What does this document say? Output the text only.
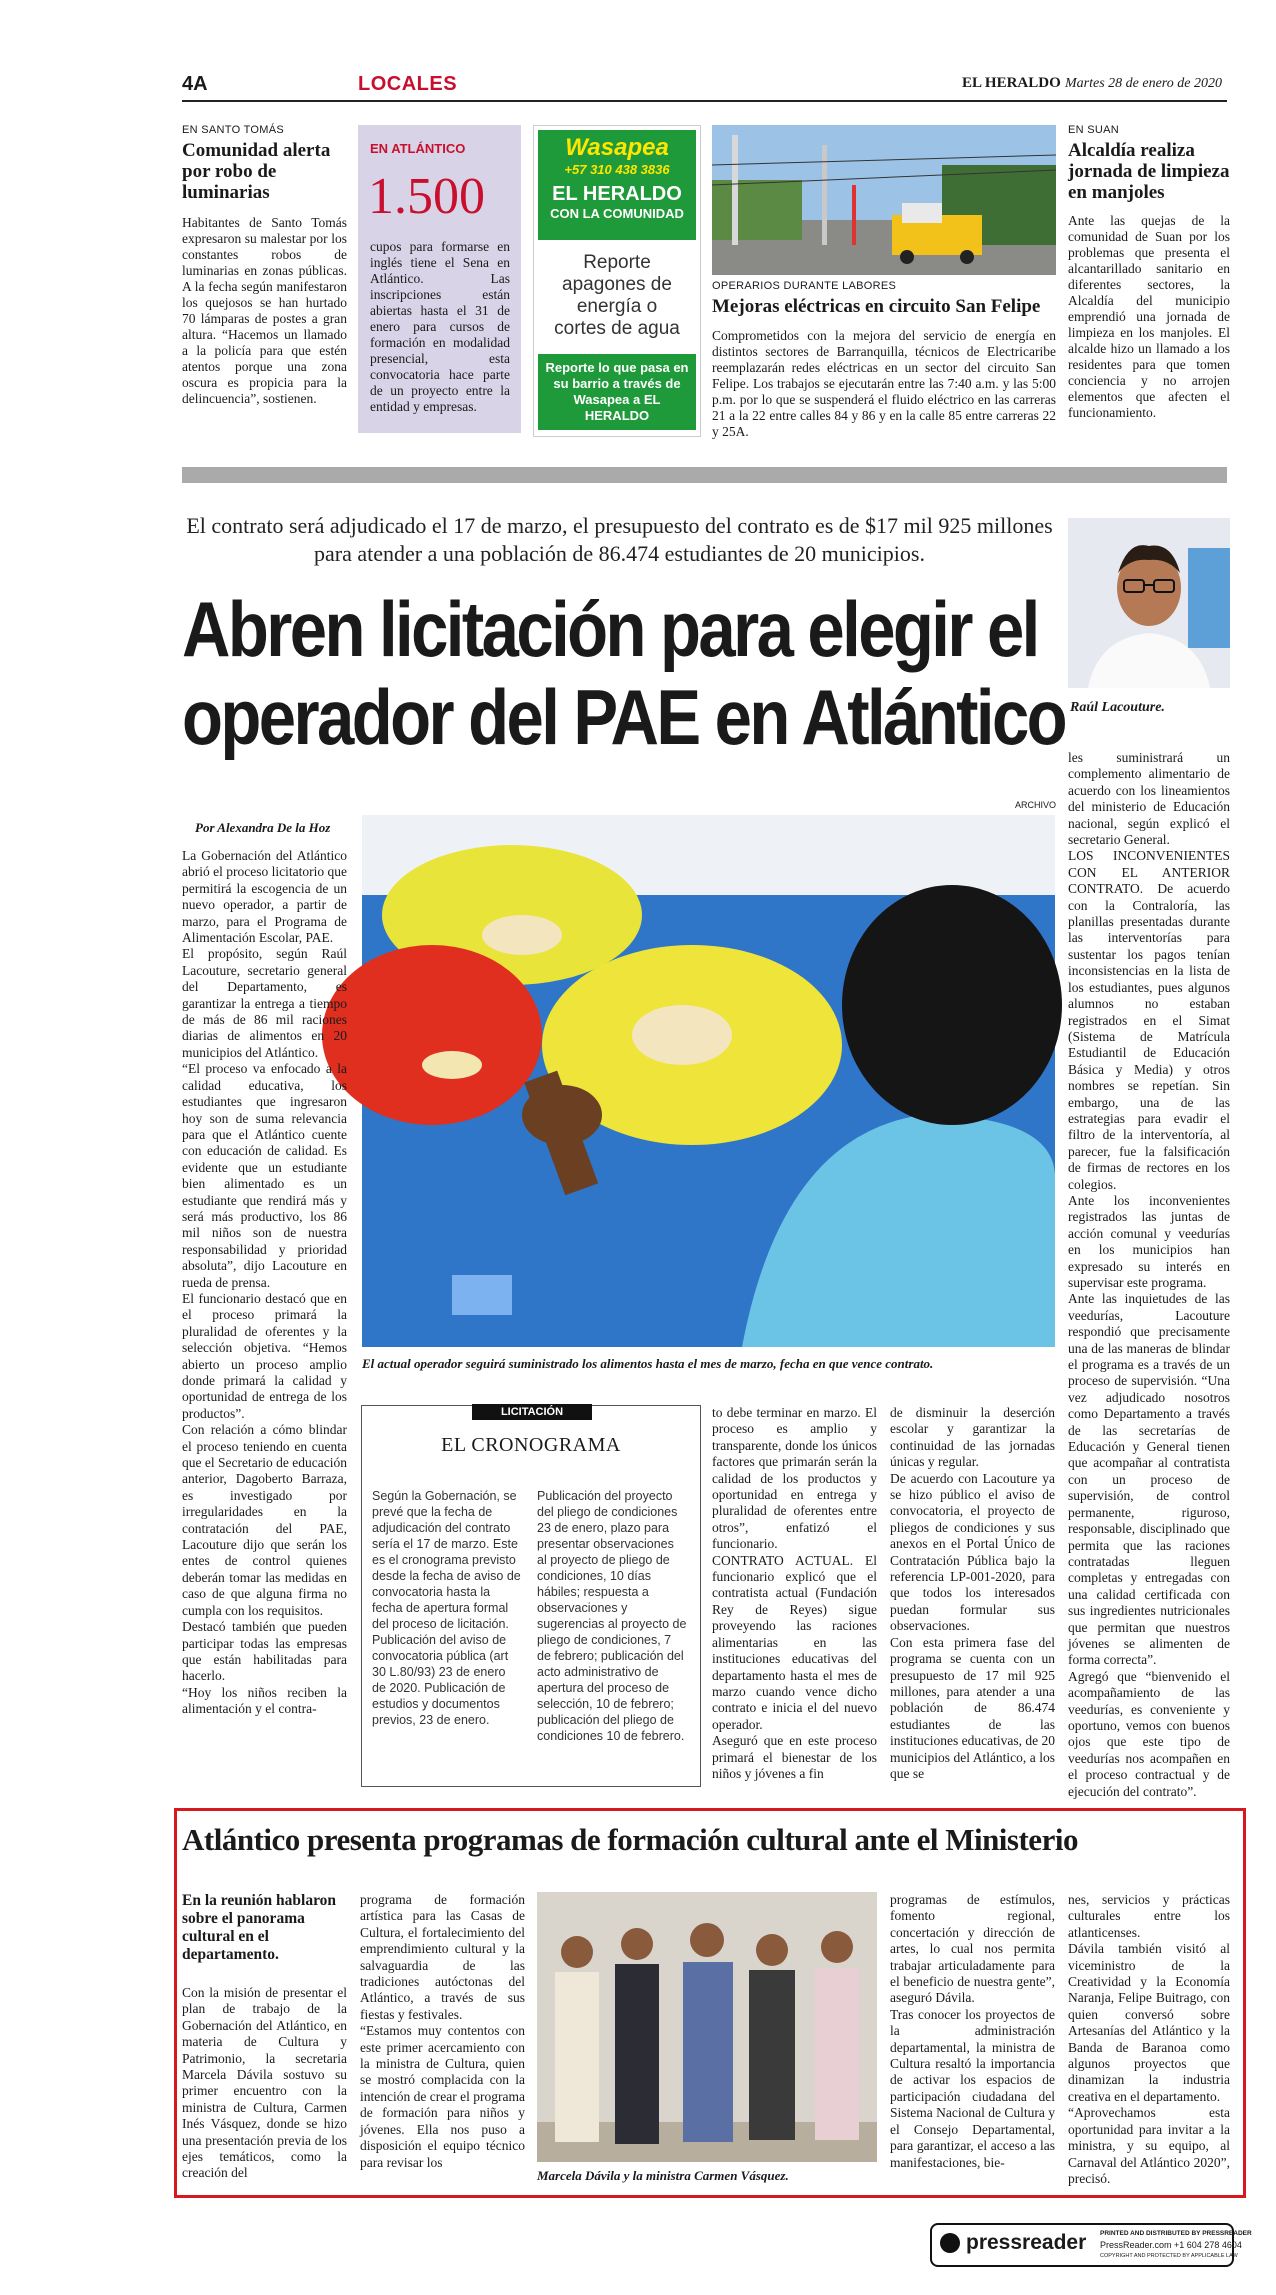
4A	LOCALES	EL HERALDO Martes 28 de enero de 2020
EN SANTO TOMÁS
Comunidad alerta por robo de luminarias
Habitantes de Santo Tomás expresaron su malestar por los constantes robos de luminarias en zonas públicas. A la fecha según manifestaron los quejosos se han hurtado 70 lámparas de postes a gran altura. “Hacemos un llamado a la policía para que estén atentos porque una zona oscura es propicia para la delincuencia”, sostienen.
EN ATLÁNTICO
1.500
cupos para formarse en inglés tiene el Sena en Atlántico. Las inscripciones están abiertas hasta el 31 de enero para cursos de formación en modalidad presencial, esta convocatoria hace parte de un proyecto entre la entidad y empresas.
Wasapea
+57 310 438 3836
EL HERALDO
CON LA COMUNIDAD
Reporte apagones de energía o cortes de agua
Reporte lo que pasa en su barrio a través de Wasapea a EL HERALDO
OPERARIOS DURANTE LABORES
Mejoras eléctricas en circuito San Felipe
Comprometidos con la mejora del servicio de energía en distintos sectores de Barranquilla, técnicos de Electricaribe reemplazarán redes eléctricas en un sector del circuito San Felipe. Los trabajos se ejecutarán entre las 7:40 a.m. y las 5:00 p.m. por lo que se suspenderá el fluido eléctrico en las carreras 21 a la 22 entre calles 84 y 86 y en la calle 85 entre carreras 22 y 25A.
EN SUAN
Alcaldía realiza jornada de limpieza en manjoles
Ante las quejas de la comunidad de Suan por los problemas que presenta el alcantarillado sanitario en diferentes sectores, la Alcaldía del municipio emprendió una jornada de limpieza en los manjoles. El alcalde hizo un llamado a los residentes para que tomen conciencia y no arrojen elementos que afecten el funcionamiento.
El contrato será adjudicado el 17 de marzo, el presupuesto del contrato es de $17 mil 925 millones para atender a una población de 86.474 estudiantes de 20 municipios.
Abren licitación para elegir el
operador del PAE en Atlántico Raúl Lacouture.
Por Alexandra De la Hoz
ARCHIVO
El actual operador seguirá suministrado los alimentos hasta el mes de marzo, fecha en que vence contrato.
La Gobernación del Atlántico abrió el proceso licitatorio que permitirá la escogencia de un nuevo operador, a partir de marzo, para el Programa de Alimentación Escolar, PAE.
El propósito, según Raúl Lacouture, secretario general del Departamento, es garantizar la entrega a tiempo de más de 86 mil raciones diarias de alimentos en 20 municipios del Atlántico.
“El proceso va enfocado a la calidad educativa, los estudiantes que ingresaron hoy son de suma relevancia para que el Atlántico cuente con educación de calidad. Es evidente que un estudiante bien alimentado es un estudiante que rendirá más y será más productivo, los 86 mil niños son de nuestra responsabilidad y prioridad absoluta”, dijo Lacouture en rueda de prensa.
El funcionario destacó que en el proceso primará la pluralidad de oferentes y la selección objetiva. “Hemos abierto un proceso amplio donde primará la calidad y oportunidad de entrega de los productos”.
Con relación a cómo blindar el proceso teniendo en cuenta que el Secretario de educación anterior, Dagoberto Barraza, es investigado por irregularidades en la contratación del PAE, Lacouture dijo que serán los entes de control quienes deberán tomar las medidas en caso de que alguna firma no cumpla con los requisitos.
Destacó también que pueden participar todas las empresas que están habilitadas para hacerlo.
“Hoy los niños reciben la alimentación y el contra-
LICITACIÓN
EL CRONOGRAMA
Según la Gobernación, se prevé que la fecha de adjudicación del contrato sería el 17 de marzo. Este es el cronograma previsto desde la fecha de aviso de convocatoria hasta la fecha de apertura formal del proceso de licitación. Publicación del aviso de convocatoria pública (art 30 L.80/93) 23 de enero de 2020. Publicación de estudios y documentos previos, 23 de enero.
Publicación del proyecto del pliego de condiciones 23 de enero, plazo para presentar observaciones al proyecto de pliego de condiciones, 10 días hábiles; respuesta a observaciones y sugerencias al proyecto de pliego de condiciones, 7 de febrero; publicación del acto administrativo de apertura del proceso de selección, 10 de febrero; publicación del pliego de condiciones 10 de febrero.
to debe terminar en marzo. El proceso es amplio y transparente, donde los únicos factores que primarán serán la calidad de los productos y oportunidad en entrega y pluralidad de oferentes entre otros”, enfatizó el funcionario.
CONTRATO ACTUAL. El funcionario explicó que el contratista actual (Fundación Rey de Reyes) sigue proveyendo las raciones alimentarias en las instituciones educativas del departamento hasta el mes de marzo cuando vence dicho contrato e inicia el del nuevo operador.
Aseguró que en este proceso primará el bienestar de los niños y jóvenes a fin
de disminuir la deserción escolar y garantizar la continuidad de las jornadas únicas y regular.
De acuerdo con Lacouture ya se hizo público el aviso de convocatoria, el proyecto de pliegos de condiciones y sus anexos en el Portal Único de Contratación Pública bajo la referencia LP-001-2020, para que todos los interesados puedan formular sus observaciones.
Con esta primera fase del programa se cuenta con un presupuesto de 17 mil 925 millones, para atender a una población de 86.474 estudiantes de las instituciones educativas, de 20 municipios del Atlántico, a los que se
les suministrará un complemento alimentario de acuerdo con los lineamientos del ministerio de Educación nacional, según explicó el secretario General.
LOS INCONVENIENTES CON EL ANTERIOR CONTRATO. De acuerdo con la Contraloría, las planillas presentadas durante las interventorías para sustentar los pagos tenían inconsistencias en la lista de los estudiantes, pues algunos alumnos no estaban registrados en el Simat (Sistema de Matrícula Estudiantil de Educación Básica y Media) y otros nombres se repetían. Sin embargo, una de las estrategias para evadir el filtro de la interventoría, al parecer, fue la falsificación de firmas de rectores en los colegios.
Ante los inconvenientes registrados las juntas de acción comunal y veedurías en los municipios han expresado su interés en supervisar este programa.
Ante las inquietudes de las veedurías, Lacouture respondió que precisamente una de las maneras de blindar el programa es a través de un proceso de supervisión. “Una vez adjudicado nosotros como Departamento a través de las secretarías de Educación y General tienen que acompañar al contratista con un proceso de supervisión, de control permanente, riguroso, responsable, disciplinado que permita que las raciones contratadas lleguen completas y entregadas con una calidad certificada con sus ingredientes nutricionales que permitan que nuestros jóvenes se alimenten de forma correcta”.
Agregó que “bienvenido el acompañamiento de las veedurías, es conveniente y oportuno, vemos con buenos ojos que este tipo de veedurías nos acompañen en el proceso contractual y de ejecución del contrato”.
Atlántico presenta programas de formación cultural ante el Ministerio
En la reunión hablaron sobre el panorama cultural en el departamento.
Con la misión de presentar el plan de trabajo de la Gobernación del Atlántico, en materia de Cultura y Patrimonio, la secretaria Marcela Dávila sostuvo su primer encuentro con la ministra de Cultura, Carmen Inés Vásquez, donde se hizo una presentación previa de los ejes temáticos, como la creación del
programa de formación artística para las Casas de Cultura, el fortalecimiento del emprendimiento cultural y la salvaguardia de las tradiciones autóctonas del Atlántico, a través de sus fiestas y festivales.
“Estamos muy contentos con este primer acercamiento con la ministra de Cultura, quien se mostró complacida con la intención de crear el programa de formación para niños y jóvenes. Ella nos puso a disposición el equipo técnico para revisar los
Marcela Dávila y la ministra Carmen Vásquez.
programas de estímulos, fomento regional, concertación y dirección de artes, lo cual nos permita trabajar articuladamente para el beneficio de nuestra gente”, aseguró Dávila.
Tras conocer los proyectos de la administración departamental, la ministra de Cultura resaltó la importancia de activar los espacios de participación ciudadana del Sistema Nacional de Cultura y el Consejo Departamental, para garantizar, el acceso a las manifestaciones, bie-
nes, servicios y prácticas culturales entre los atlanticenses.
Dávila también visitó al viceministro de la Creatividad y la Economía Naranja, Felipe Buitrago, con quien conversó sobre Artesanías del Atlántico y la Banda de Baranoa como algunos proyectos que dinamizan la industria creativa en el departamento.
“Aprovechamos esta oportunidad para invitar a la ministra, y su equipo, al Carnaval del Atlántico 2020”, precisó.
pressreader PRINTED AND DISTRIBUTED BY PRESSREADER
PressReader.com +1 604 278 4604
COPYRIGHT AND PROTECTED BY APPLICABLE LAW
